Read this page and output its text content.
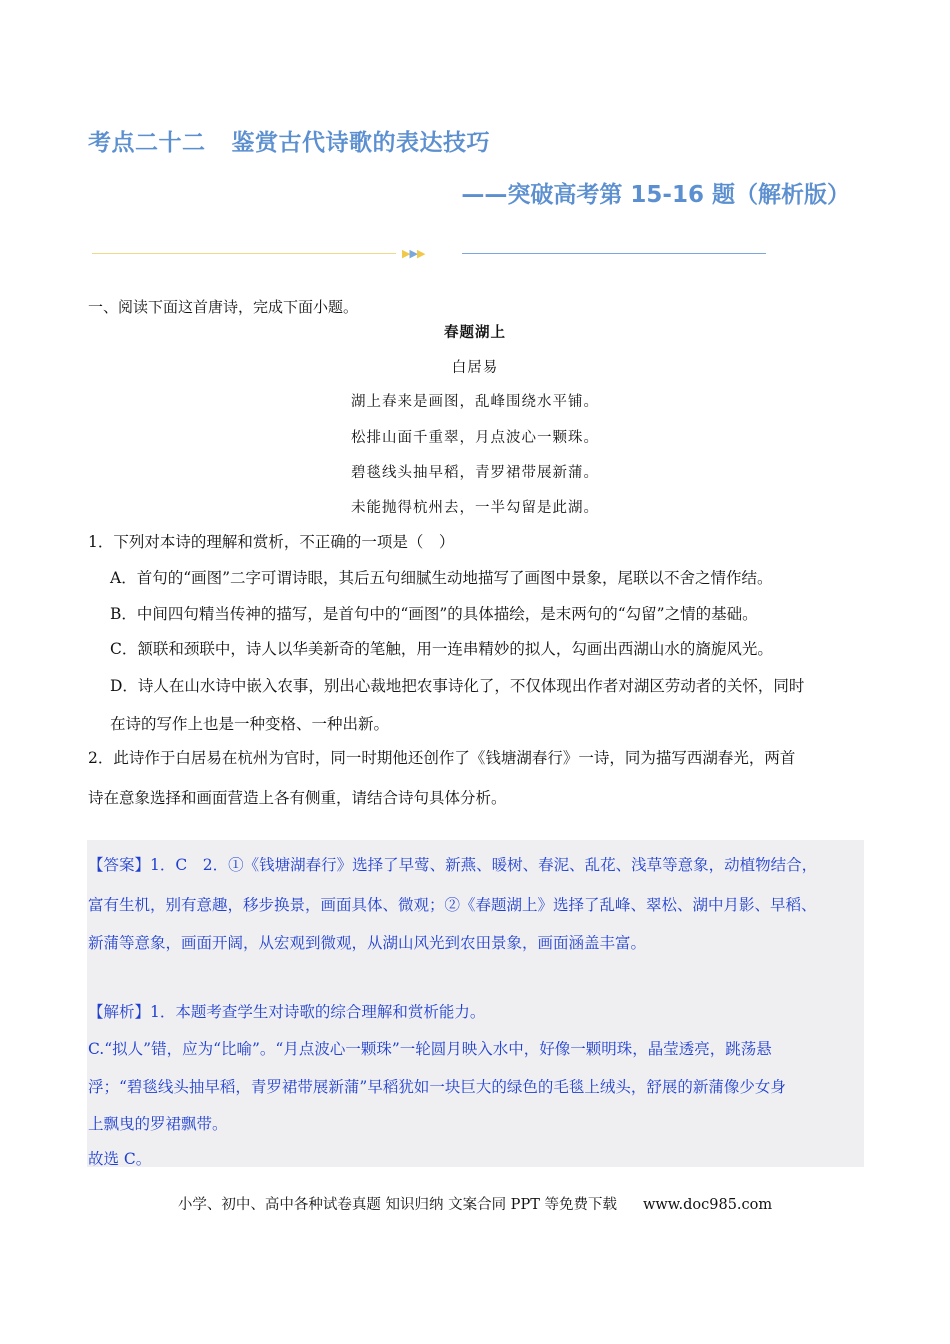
考点二十二 鉴赏古代诗歌的表达技巧
——突破高考第 15-16 题（解析版）
▶▶▶
一、阅读下面这首唐诗，完成下面小题。
春题湖上
白居易
湖上春来是画图，乱峰围绕水平铺。
松排山面千重翠，月点波心一颗珠。
碧毯线头抽早稻，青罗裙带展新蒲。
未能抛得杭州去，一半勾留是此湖。
1．下列对本诗的理解和赏析，不正确的一项是（　）
A．首句的“画图”二字可谓诗眼，其后五句细腻生动地描写了画图中景象，尾联以不舍之情作结。
B．中间四句精当传神的描写，是首句中的“画图”的具体描绘，是末两句的“勾留”之情的基础。
C．颔联和颈联中，诗人以华美新奇的笔触，用一连串精妙的拟人，勾画出西湖山水的旖旎风光。
D．诗人在山水诗中嵌入农事，别出心裁地把农事诗化了，不仅体现出作者对湖区劳动者的关怀，同时
在诗的写作上也是一种变格、一种出新。
2．此诗作于白居易在杭州为官时，同一时期他还创作了《钱塘湖春行》一诗，同为描写西湖春光，两首
诗在意象选择和画面营造上各有侧重，请结合诗句具体分析。
【答案】1．C　2．①《钱塘湖春行》选择了早莺、新燕、暖树、春泥、乱花、浅草等意象，动植物结合，
富有生机，别有意趣，移步换景，画面具体、微观；②《春题湖上》选择了乱峰、翠松、湖中月影、早稻、
新蒲等意象，画面开阔，从宏观到微观，从湖山风光到农田景象，画面涵盖丰富。
【解析】1．本题考查学生对诗歌的综合理解和赏析能力。
C.“拟人”错，应为“比喻”。“月点波心一颗珠”一轮圆月映入水中，好像一颗明珠，晶莹透亮，跳荡悬
浮；“碧毯线头抽早稻，青罗裙带展新蒲”早稻犹如一块巨大的绿色的毛毯上绒头，舒展的新蒲像少女身
上飘曳的罗裙飘带。
故选 C。
小学、初中、高中各种试卷真题 知识归纳 文案合同 PPT 等免费下载 www.doc985.com
